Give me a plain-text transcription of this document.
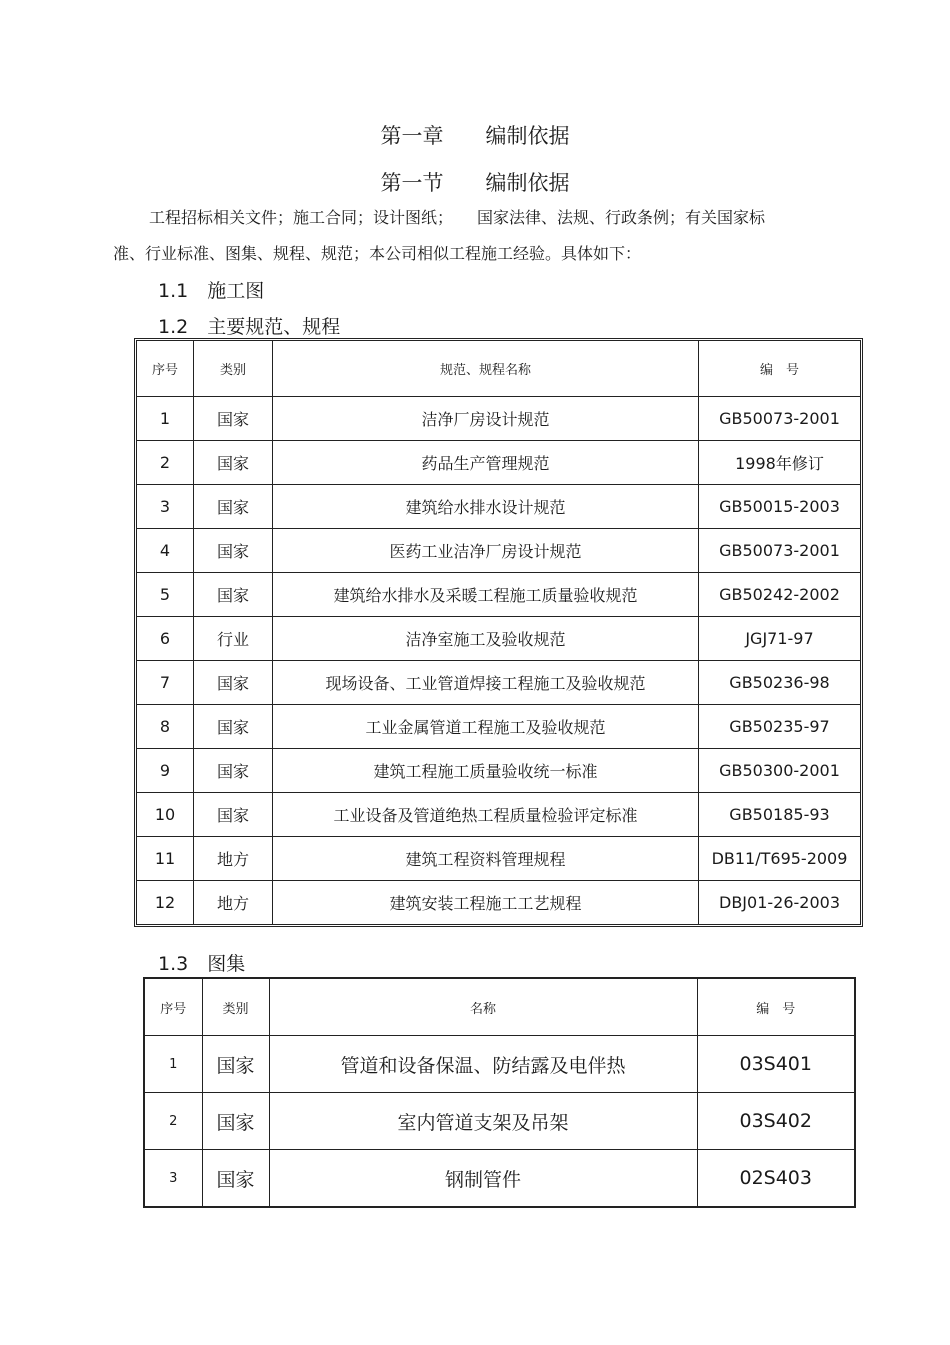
第一章　　编制依据
第一节　　编制依据
工程招标相关文件；施工合同；设计图纸；　　国家法律、法规、行政条例；有关国家标
准、行业标准、图集、规程、规范；本公司相似工程施工经验。具体如下：
1.1　施工图
1.2　主要规范、规程
序号	类别	规范、规程名称	编　号
1	国家	洁净厂房设计规范	GB50073-2001
2	国家	药品生产管理规范	1998年修订
3	国家	建筑给水排水设计规范	GB50015-2003
4	国家	医药工业洁净厂房设计规范	GB50073-2001
5	国家	建筑给水排水及采暖工程施工质量验收规范	GB50242-2002
6	行业	洁净室施工及验收规范	JGJ71-97
7	国家	现场设备、工业管道焊接工程施工及验收规范	GB50236-98
8	国家	工业金属管道工程施工及验收规范	GB50235-97
9	国家	建筑工程施工质量验收统一标准	GB50300-2001
10	国家	工业设备及管道绝热工程质量检验评定标准	GB50185-93
11	地方	建筑工程资料管理规程	DB11/T695-2009
12	地方	建筑安装工程施工工艺规程	DBJ01-26-2003
1.3　图集
序号	类别	名称	编　号
1	国家	管道和设备保温、防结露及电伴热	03S401
2	国家	室内管道支架及吊架	03S402
3	国家	钢制管件	02S403
